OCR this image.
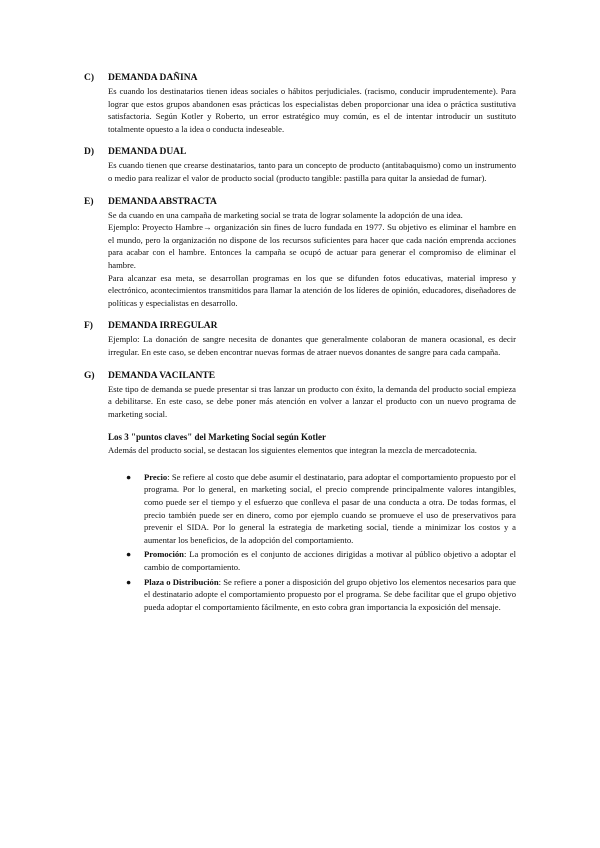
C)	DEMANDA DAÑINA

Es cuando los destinatarios tienen ideas sociales o hábitos perjudiciales. (racismo, conducir imprudentemente). Para lograr que estos grupos abandonen esas prácticas los especialistas deben proporcionar una idea o práctica sustitutiva satisfactoria. Según Kotler y Roberto, un error estratégico muy común, es el de intentar introducir un sustituto totalmente opuesto a la idea o conducta indeseable.

D)	DEMANDA DUAL

Es cuando tienen que crearse destinatarios, tanto para un concepto de producto (antitabaquismo) como un instrumento o medio para realizar el valor de producto social (producto tangible: pastilla para quitar la ansiedad de fumar).

E)	DEMANDA ABSTRACTA

Se da cuando en una campaña de marketing social se trata de lograr solamente la adopción de una idea.

Ejemplo: Proyecto Hambre→ organización sin fines de lucro fundada en 1977. Su objetivo es eliminar el hambre en el mundo, pero la organización no dispone de los recursos suficientes para hacer que cada nación emprenda acciones para acabar con el hambre. Entonces la campaña se ocupó de actuar para generar el compromiso de eliminar el hambre.

Para alcanzar esa meta, se desarrollan programas en los que se difunden fotos educativas, material impreso y electrónico, acontecimientos transmitidos para llamar la atención de los líderes de opinión, educadores, diseñadores de políticas y especialistas en desarrollo.

F)	DEMANDA IRREGULAR

Ejemplo: La donación de sangre necesita de donantes que generalmente colaboran de manera ocasional, es decir irregular. En este caso, se deben encontrar nuevas formas de atraer nuevos donantes de sangre para cada campaña.

G)	DEMANDA VACILANTE

Este tipo de demanda se puede presentar si tras lanzar un producto con éxito, la demanda del producto social empieza a debilitarse. En este caso, se debe poner más atención en volver a lanzar el producto con un nuevo programa de marketing social.

Los 3 "puntos claves" del Marketing Social según Kotler
Además del producto social, se destacan los siguientes elementos que integran la mezcla de mercadotecnia.
● Precio: Se refiere al costo que debe asumir el destinatario, para adoptar el comportamiento propuesto por el programa. Por lo general, en marketing social, el precio comprende principalmente valores intangibles, como puede ser el tiempo y el esfuerzo que conlleva el pasar de una conducta a otra. De todas formas, el precio también puede ser en dinero, como por ejemplo cuando se promueve el uso de preservativos para prevenir el SIDA. Por lo general la estrategia de marketing social, tiende a minimizar los costos y a aumentar los beneficios, de la adopción del comportamiento.
● Promoción: La promoción es el conjunto de acciones dirigidas a motivar al público objetivo a adoptar el cambio de comportamiento.
● Plaza o Distribución: Se refiere a poner a disposición del grupo objetivo los elementos necesarios para que el destinatario adopte el comportamiento propuesto por el programa. Se debe facilitar que el grupo objetivo pueda adoptar el comportamiento fácilmente, en esto cobra gran importancia la exposición del mensaje.
